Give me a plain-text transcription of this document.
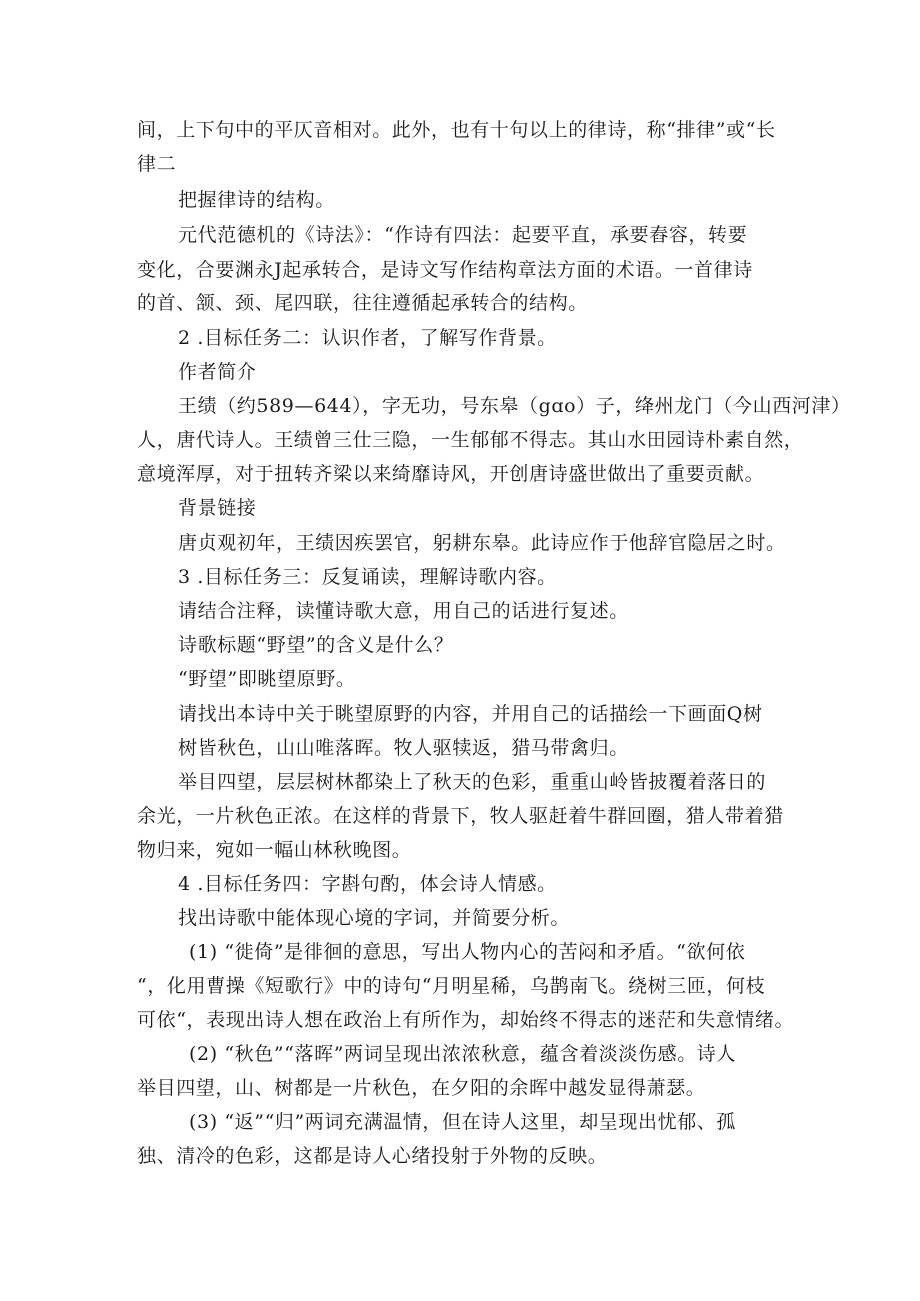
间，上下句中的平仄音相对。此外，也有十句以上的律诗，称“排律”或“长
律二
把握律诗的结构。
元代范德机的《诗法》：“作诗有四法：起要平直，承要舂容，转要
变化，合要渊永J起承转合，是诗文写作结构章法方面的术语。一首律诗
的首、颔、颈、尾四联，往往遵循起承转合的结构。
2 .目标任务二：认识作者，了解写作背景。
作者简介
王绩（约589—644），字无功，号东皋（gɑo）子，绛州龙门（今山西河津）
人，唐代诗人。王绩曾三仕三隐，一生郁郁不得志。其山水田园诗朴素自然，
意境浑厚，对于扭转齐梁以来绮靡诗风，开创唐诗盛世做出了重要贡献。
背景链接
唐贞观初年，王绩因疾罢官，躬耕东皋。此诗应作于他辞官隐居之时。
3 .目标任务三：反复诵读，理解诗歌内容。
请结合注释，读懂诗歌大意，用自己的话进行复述。
诗歌标题“野望”的含义是什么？
“野望”即眺望原野。
请找出本诗中关于眺望原野的内容，并用自己的话描绘一下画面Q树
树皆秋色，山山唯落晖。牧人驱犊返，猎马带禽归。
举目四望，层层树林都染上了秋天的色彩，重重山岭皆披覆着落日的
余光，一片秋色正浓。在这样的背景下，牧人驱赶着牛群回圈，猎人带着猎
物归来，宛如一幅山林秋晚图。
4 .目标任务四：字斟句酌，体会诗人情感。
找出诗歌中能体现心境的字词，并简要分析。
(1) “徙倚”是徘徊的意思，写出人物内心的苦闷和矛盾。“欲何依
“，化用曹操《短歌行》中的诗句“月明星稀，乌鹊南飞。绕树三匝，何枝
可依“，表现出诗人想在政治上有所作为，却始终不得志的迷茫和失意情绪。
(2) “秋色”“落晖”两词呈现出浓浓秋意，蕴含着淡淡伤感。诗人
举目四望，山、树都是一片秋色，在夕阳的余晖中越发显得萧瑟。
(3) “返”“归”两词充满温情，但在诗人这里，却呈现出忧郁、孤
独、清冷的色彩，这都是诗人心绪投射于外物的反映。
